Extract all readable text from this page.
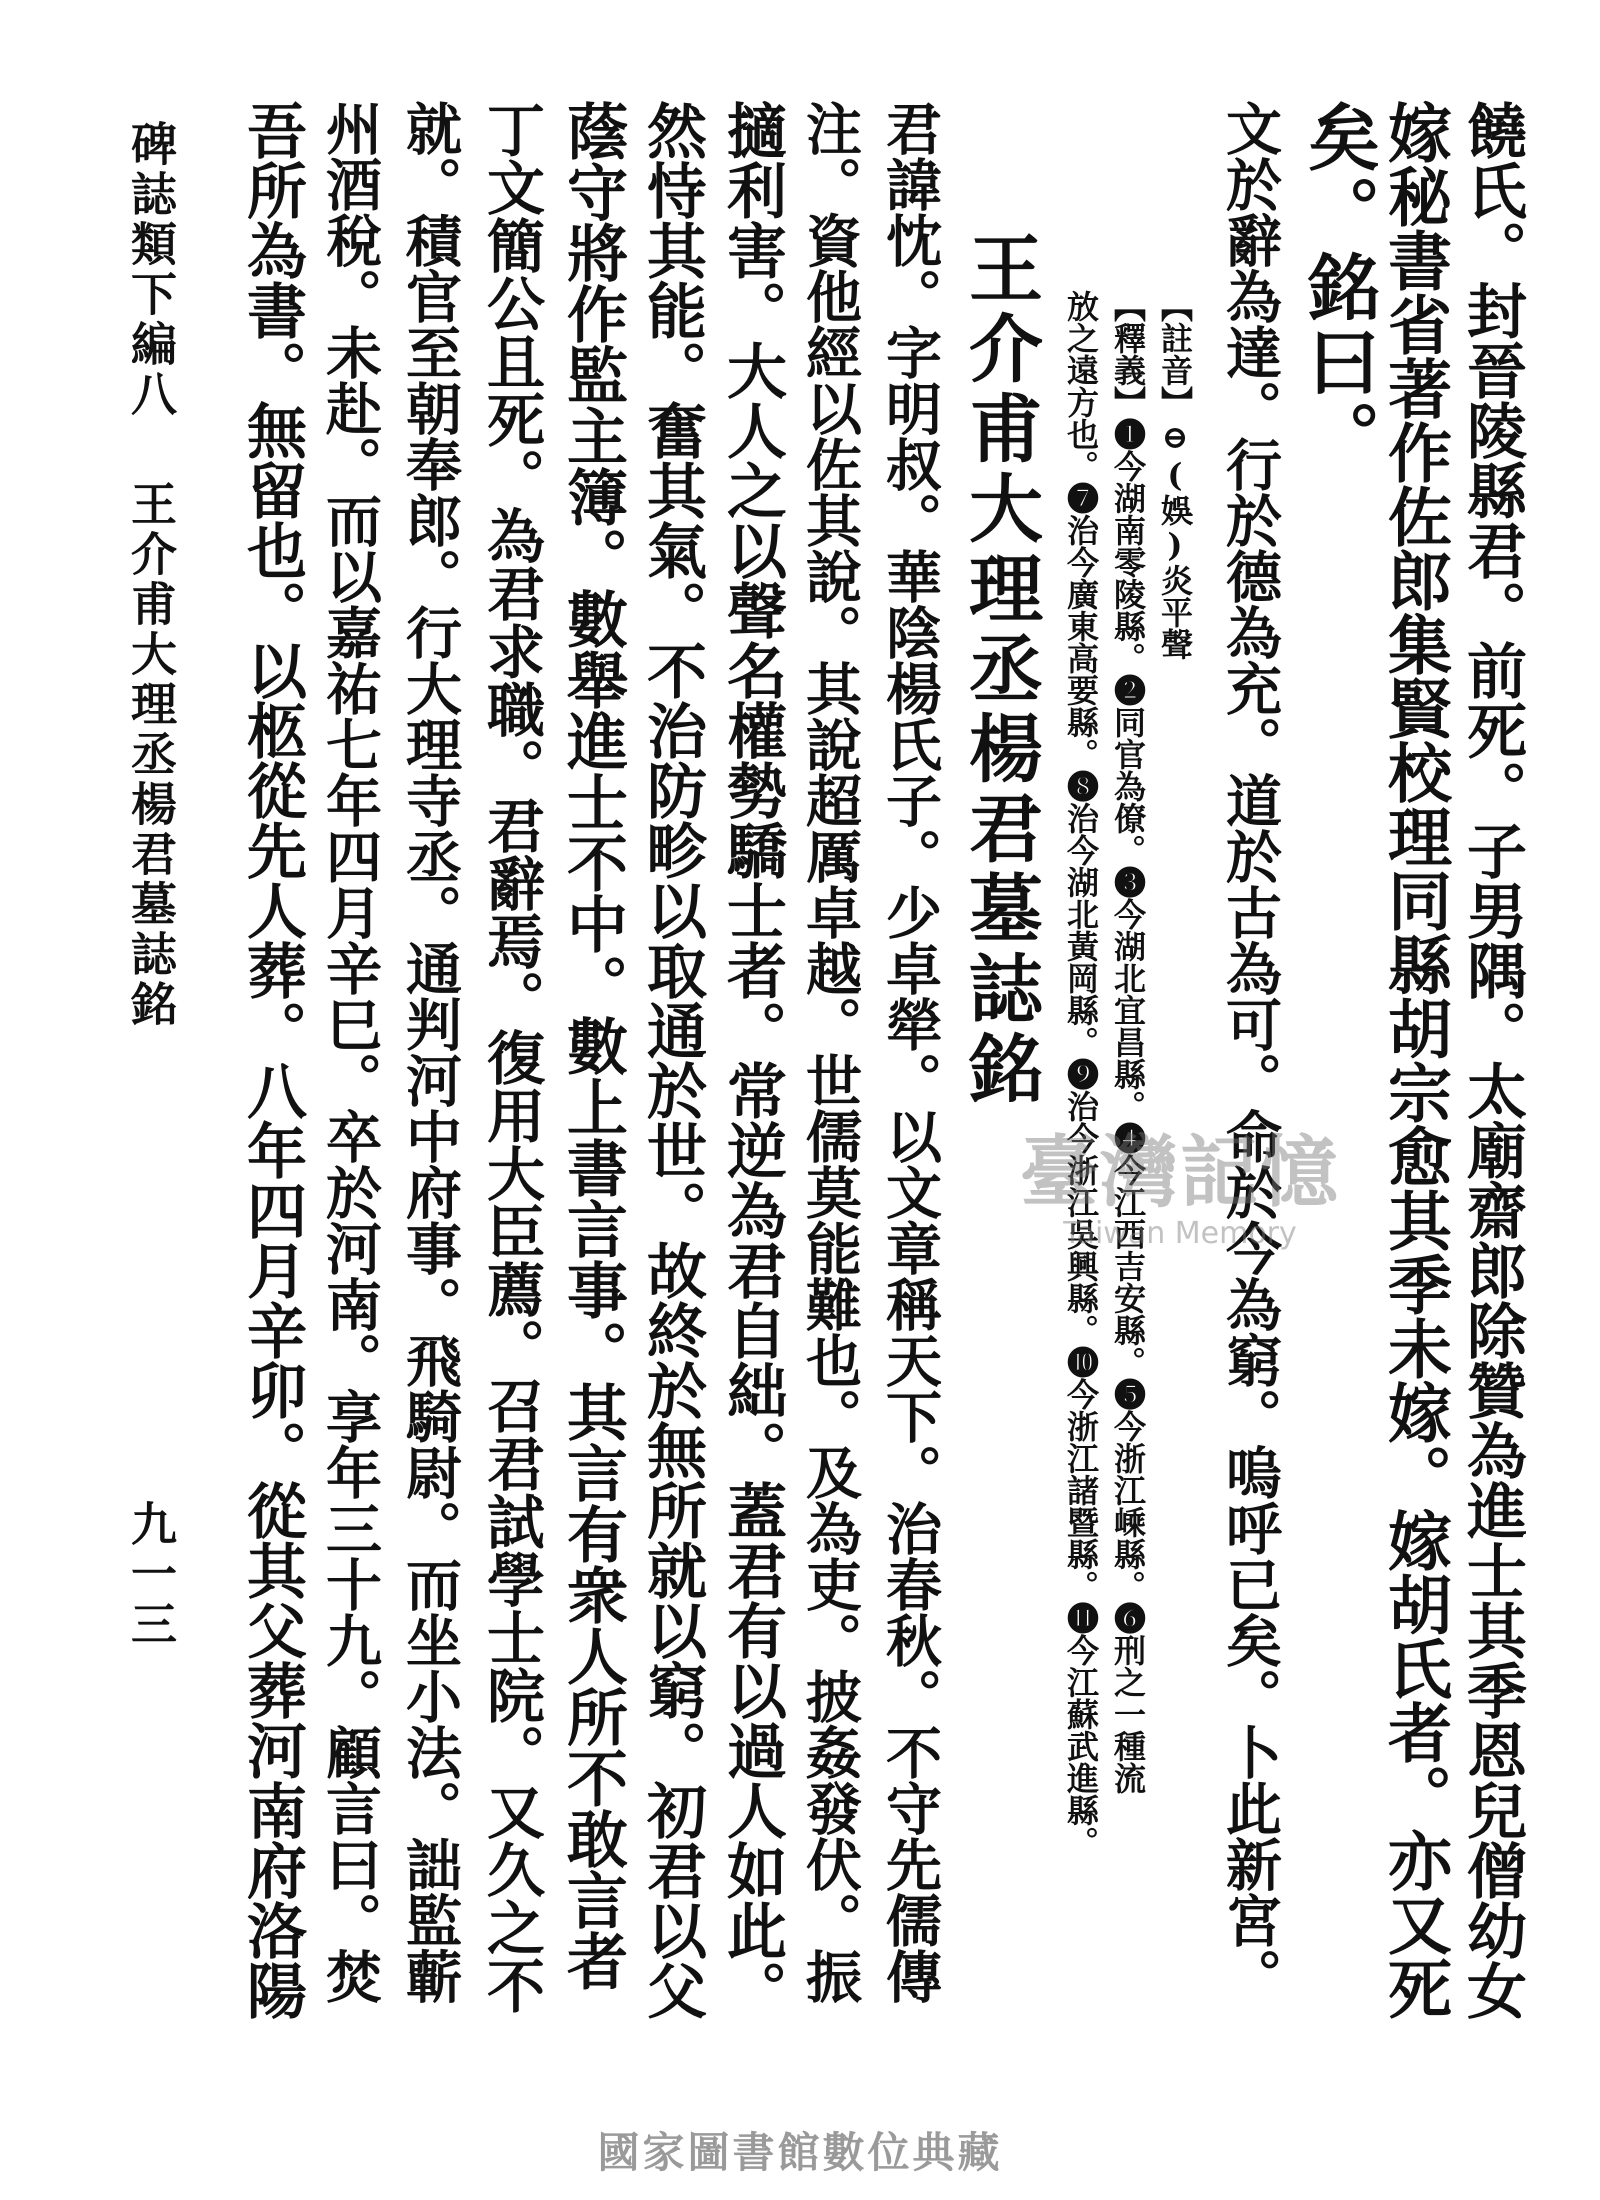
饒氏。封晉陵縣君。前死。子男隅。太廟齋郎除贊為進士其季恩兒僧幼女
嫁秘書省著作佐郎集賢校理同縣胡宗愈其季未嫁。嫁胡氏者。亦又死
矣。銘曰。
文於辭為達。行於德為充。道於古為可。命於今為窮。嗚呼已矣。卜此新宮。
【註音】⊖(娛)炎平聲
【釋義】❶今湖南零陵縣。❷同官為僚。❸今湖北宜昌縣。❹今江西吉安縣。❺今浙江嵊縣。❻刑之一種流
放之遠方也。❼治今廣東高要縣。❽治今湖北黃岡縣。❾治今浙江吳興縣。❿今浙江諸暨縣。⓫今江蘇武進縣。
王介甫大理丞楊君墓誌銘
君諱忱。字明叔。華陰楊氏子。少卓犖。以文章稱天下。治春秋。不守先儒傳
注。資他經以佐其說。其說超厲卓越。世儒莫能難也。及為吏。披姦發伏。振
擿利害。大人之以聲名權勢驕士者。常逆為君自絀。蓋君有以過人如此。
然恃其能。奮其氣。不治防畛以取通於世。故終於無所就以窮。初君以父
蔭守將作監主簿。數舉進士不中。數上書言事。其言有衆人所不敢言者
丁文簡公且死。為君求職。君辭焉。復用大臣薦。召君試學士院。又久之不
就。積官至朝奉郎。行大理寺丞。通判河中府事。飛騎尉。而坐小法。詘監蘄
州酒稅。未赴。而以嘉祐七年四月辛巳。卒於河南。享年三十九。顧言曰。焚
吾所為書。無留也。以柩從先人葬。八年四月辛卯。從其父葬河南府洛陽
碑誌類下編八
王介甫大理丞楊君墓誌銘
九一三
臺灣記憶
Taiwan Memory
國家圖書館數位典藏
